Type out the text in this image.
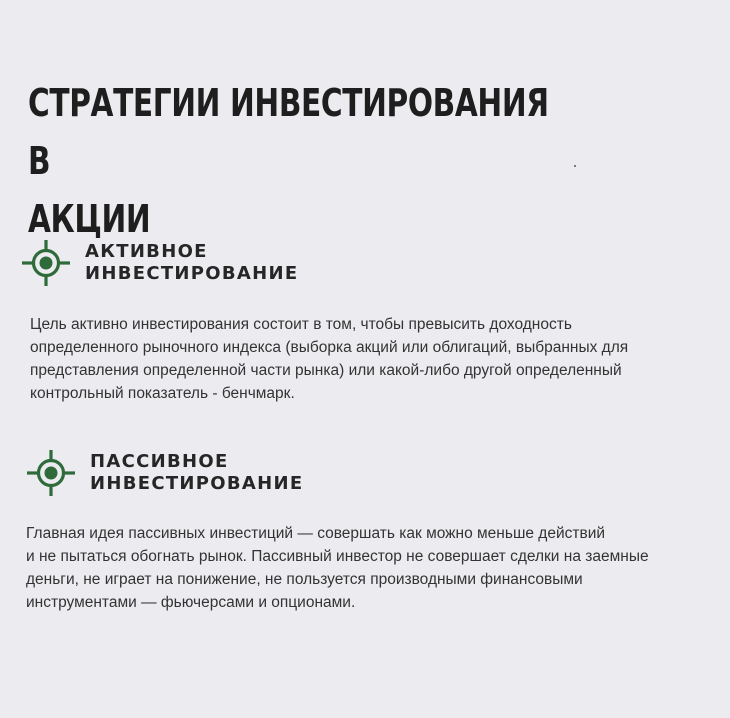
СТРАТЕГИИ ИНВЕСТИРОВАНИЯ В
АКЦИИ
АКТИВНОЕ
ИНВЕСТИРОВАНИЕ

Цель активно инвестирования состоит в том, чтобы превысить доходность
определенного рыночного индекса (выборка акций или облигаций, выбранных для
представления определенной части рынка) или какой-либо другой определенный
контрольный показатель - бенчмарк.

ПАССИВНОЕ
ИНВЕСТИРОВАНИЕ

Главная идея пассивных инвестиций — совершать как можно меньше действий
и не пытаться обогнать рынок. Пассивный инвестор не совершает сделки на заемные
деньги, не играет на понижение, не пользуется производными финансовыми
инструментами — фьючерсами и опционами.
